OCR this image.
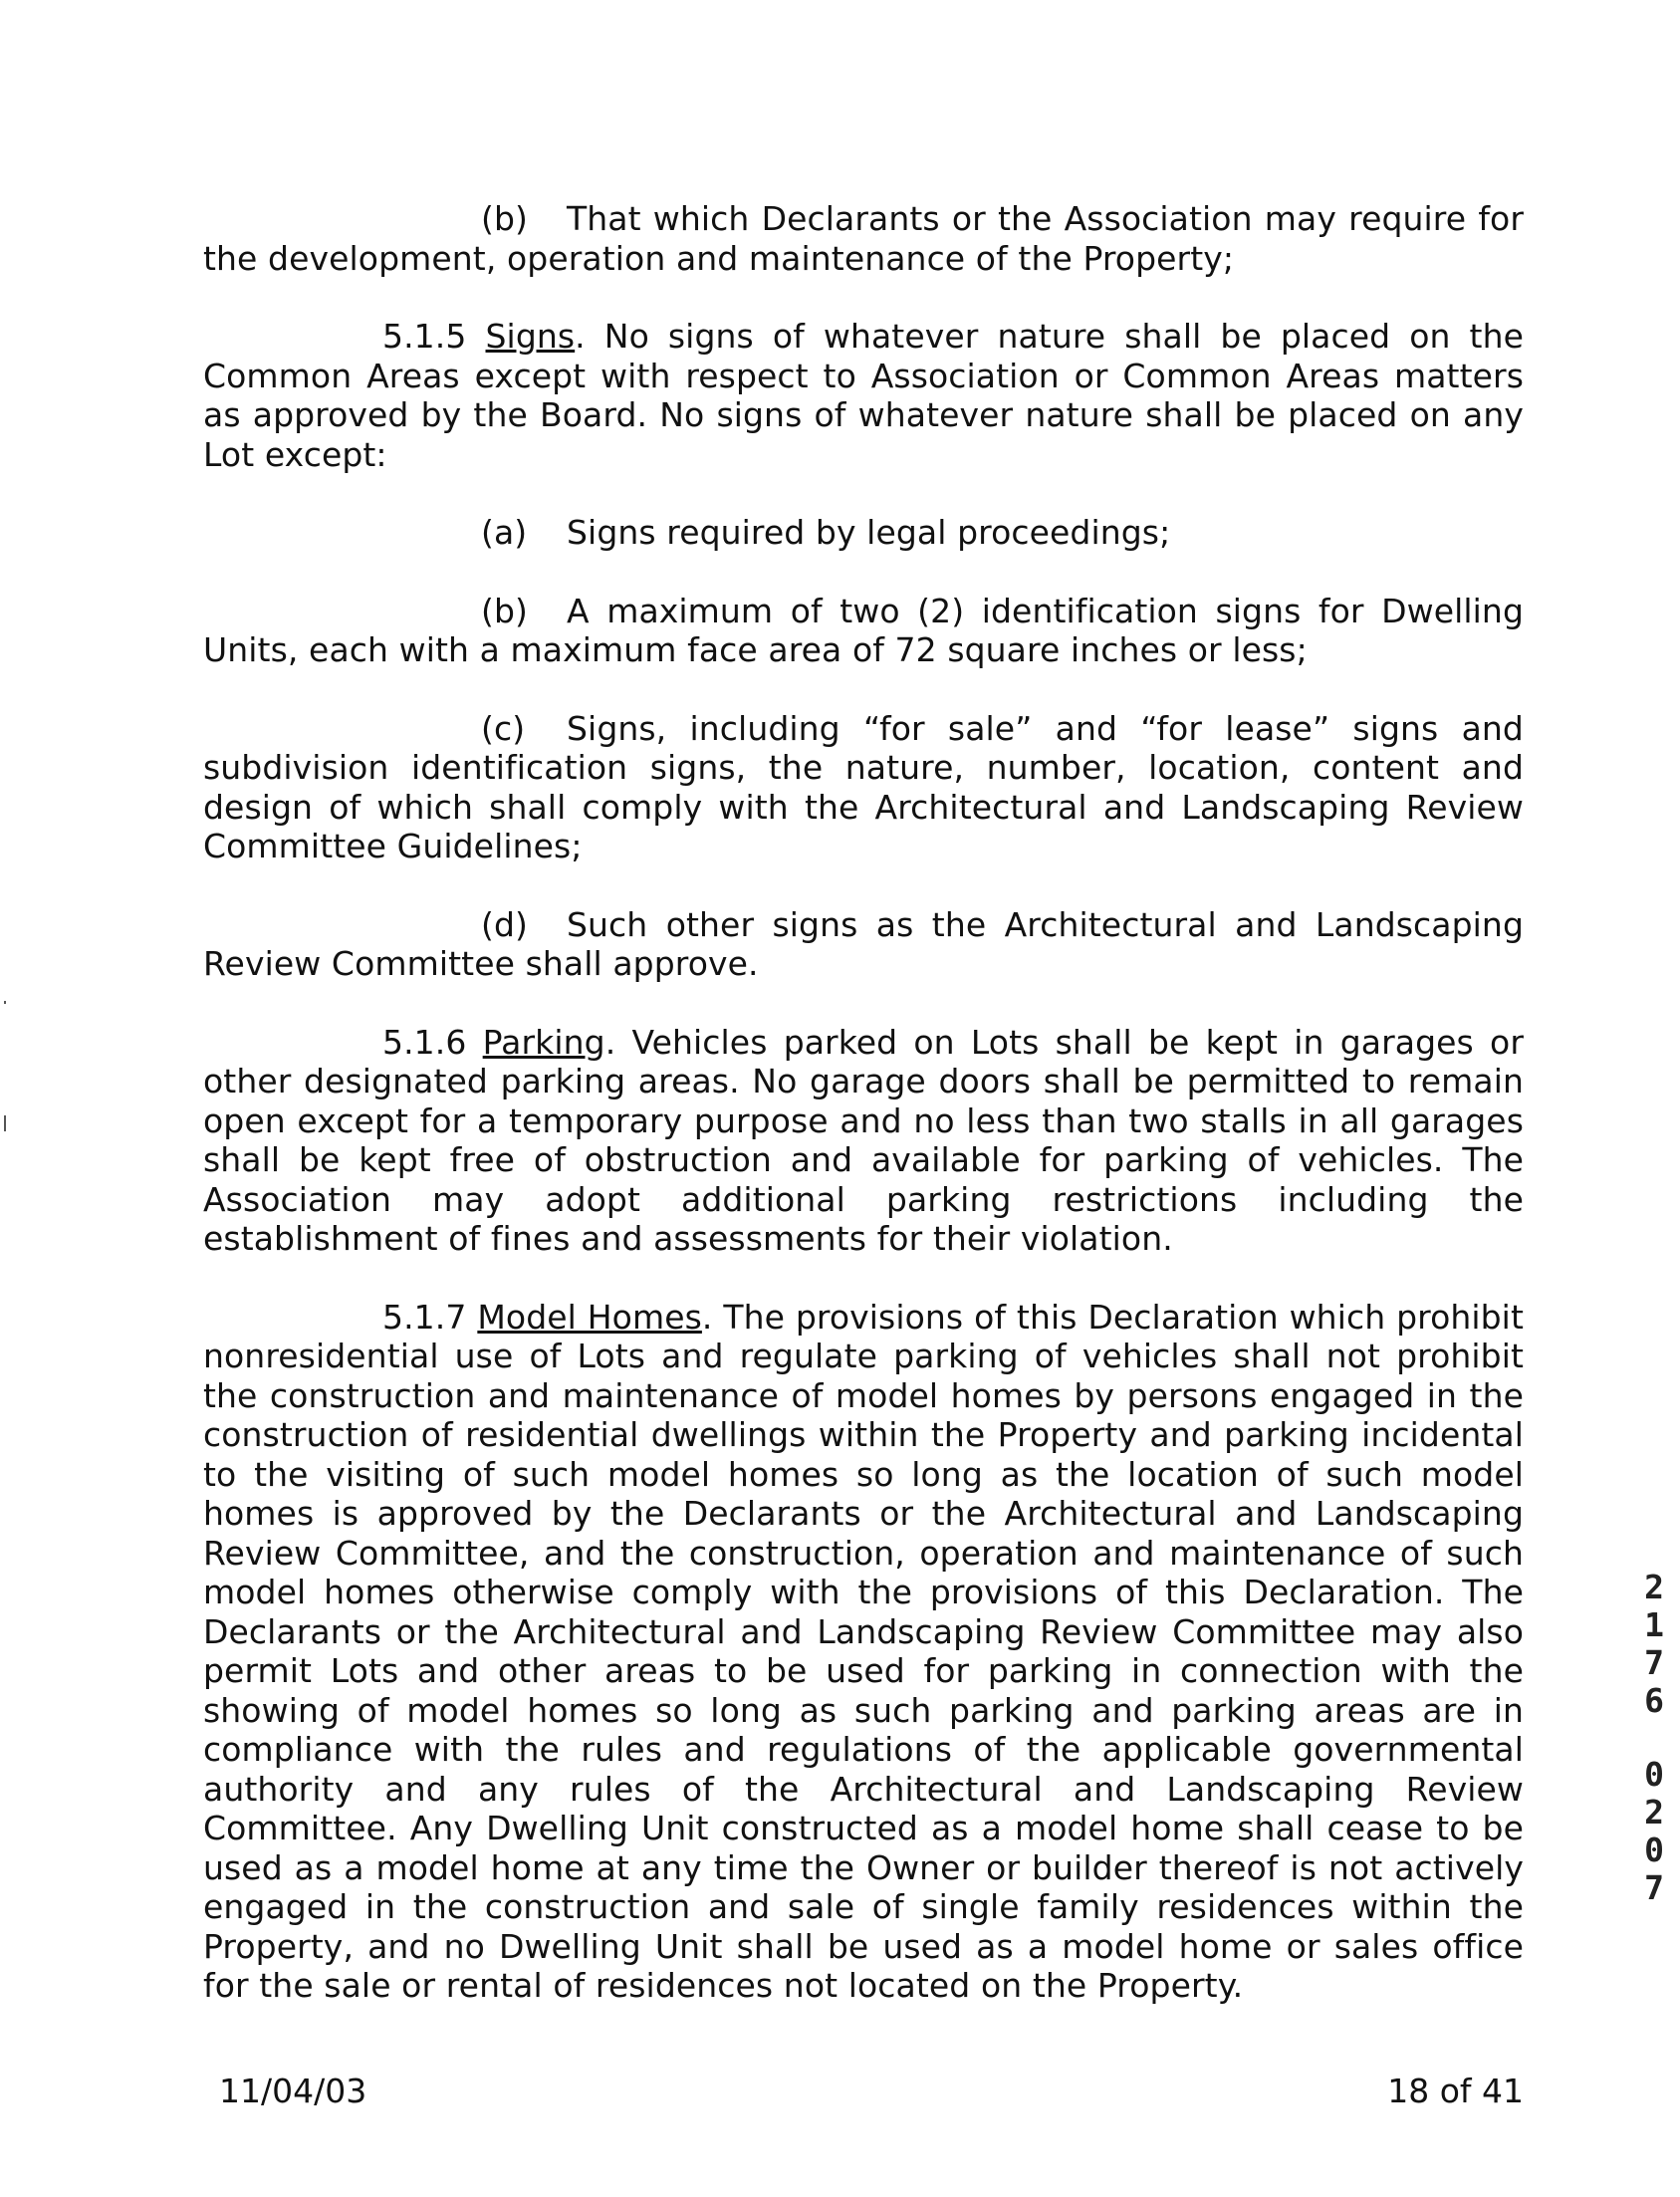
(b) That which Declarants or the Association may require for the development, operation and maintenance of the Property;

5.1.5 Signs. No signs of whatever nature shall be placed on the Common Areas except with respect to Association or Common Areas matters as approved by the Board. No signs of whatever nature shall be placed on any Lot except:

(a) Signs required by legal proceedings;

(b) A maximum of two (2) identification signs for Dwelling Units, each with a maximum face area of 72 square inches or less;

(c) Signs, including “for sale” and “for lease” signs and subdivision identification signs, the nature, number, location, content and design of which shall comply with the Architectural and Landscaping Review Committee Guidelines;

(d) Such other signs as the Architectural and Landscaping Review Committee shall approve.

5.1.6 Parking. Vehicles parked on Lots shall be kept in garages or other designated parking areas. No garage doors shall be permitted to remain open except for a temporary purpose and no less than two stalls in all garages shall be kept free of obstruction and available for parking of vehicles. The Association may adopt additional parking restrictions including the establishment of fines and assessments for their violation.

5.1.7 Model Homes. The provisions of this Declaration which prohibit nonresidential use of Lots and regulate parking of vehicles shall not prohibit the construction and maintenance of model homes by persons engaged in the construction of residential dwellings within the Property and parking incidental to the visiting of such model homes so long as the location of such model homes is approved by the Declarants or the Architectural and Landscaping Review Committee, and the construction, operation and maintenance of such model homes otherwise comply with the provisions of this Declaration. The Declarants or the Architectural and Landscaping Review Committee may also permit Lots and other areas to be used for parking in connection with the showing of model homes so long as such parking and parking areas are in compliance with the rules and regulations of the applicable governmental authority and any rules of the Architectural and Landscaping Review Committee. Any Dwelling Unit constructed as a model home shall cease to be used as a model home at any time the Owner or builder thereof is not actively engaged in the construction and sale of single family residences within the Property, and no Dwelling Unit shall be used as a model home or sales office for the sale or rental of residences not located on the Property.

2
1
7
6
0
2
0
7
11/04/03	18 of 41
